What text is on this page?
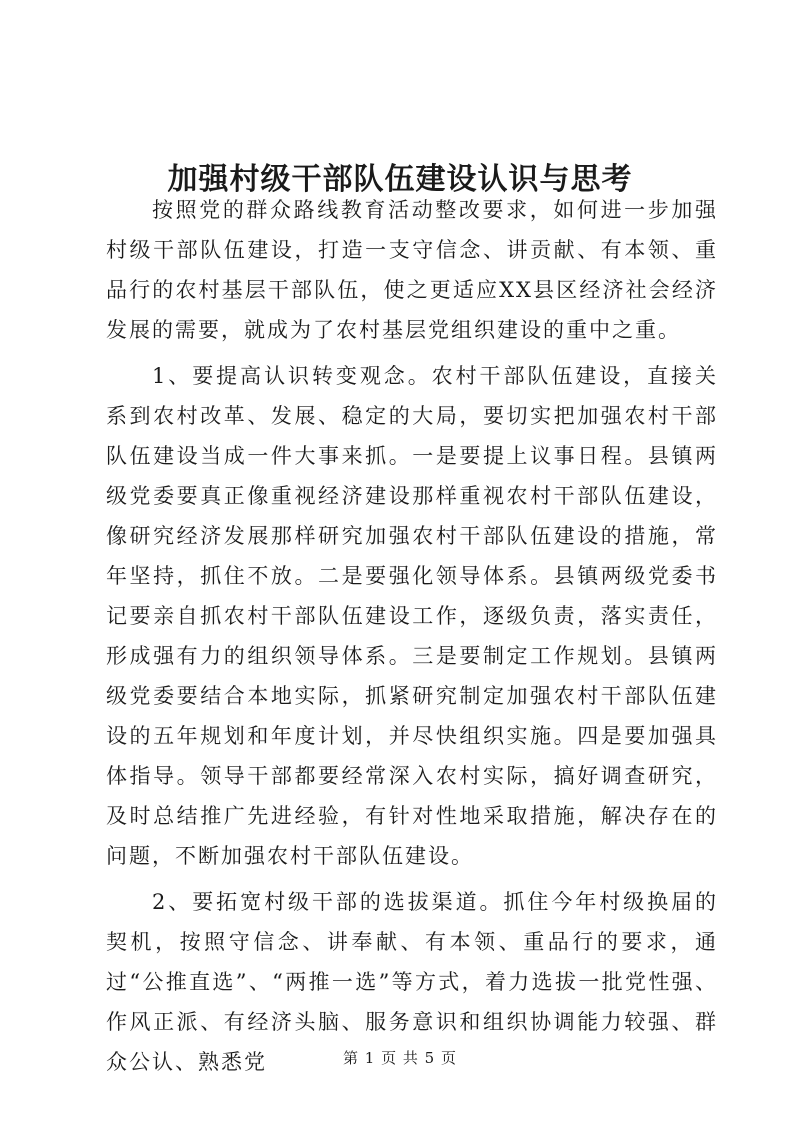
加强村级干部队伍建设认识与思考

按照党的群众路线教育活动整改要求，如何进一步加强村级干部队伍建设，打造一支守信念、讲贡献、有本领、重品行的农村基层干部队伍，使之更适应XX县区经济社会经济发展的需要，就成为了农村基层党组织建设的重中之重。

1、要提高认识转变观念。农村干部队伍建设，直接关系到农村改革、发展、稳定的大局，要切实把加强农村干部队伍建设当成一件大事来抓。一是要提上议事日程。县镇两级党委要真正像重视经济建设那样重视农村干部队伍建设，像研究经济发展那样研究加强农村干部队伍建设的措施，常年坚持，抓住不放。二是要强化领导体系。县镇两级党委书记要亲自抓农村干部队伍建设工作，逐级负责，落实责任，形成强有力的组织领导体系。三是要制定工作规划。县镇两级党委要结合本地实际，抓紧研究制定加强农村干部队伍建设的五年规划和年度计划，并尽快组织实施。四是要加强具体指导。领导干部都要经常深入农村实际，搞好调查研究，及时总结推广先进经验，有针对性地采取措施，解决存在的问题，不断加强农村干部队伍建设。

2、要拓宽村级干部的选拔渠道。抓住今年村级换届的契机，按照守信念、讲奉献、有本领、重品行的要求，通过“公推直选”、“两推一选”等方式，着力选拔一批党性强、作风正派、有经济头脑、服务意识和组织协调能力较强、群众公认、熟悉党	第 1 页 共 5 页
